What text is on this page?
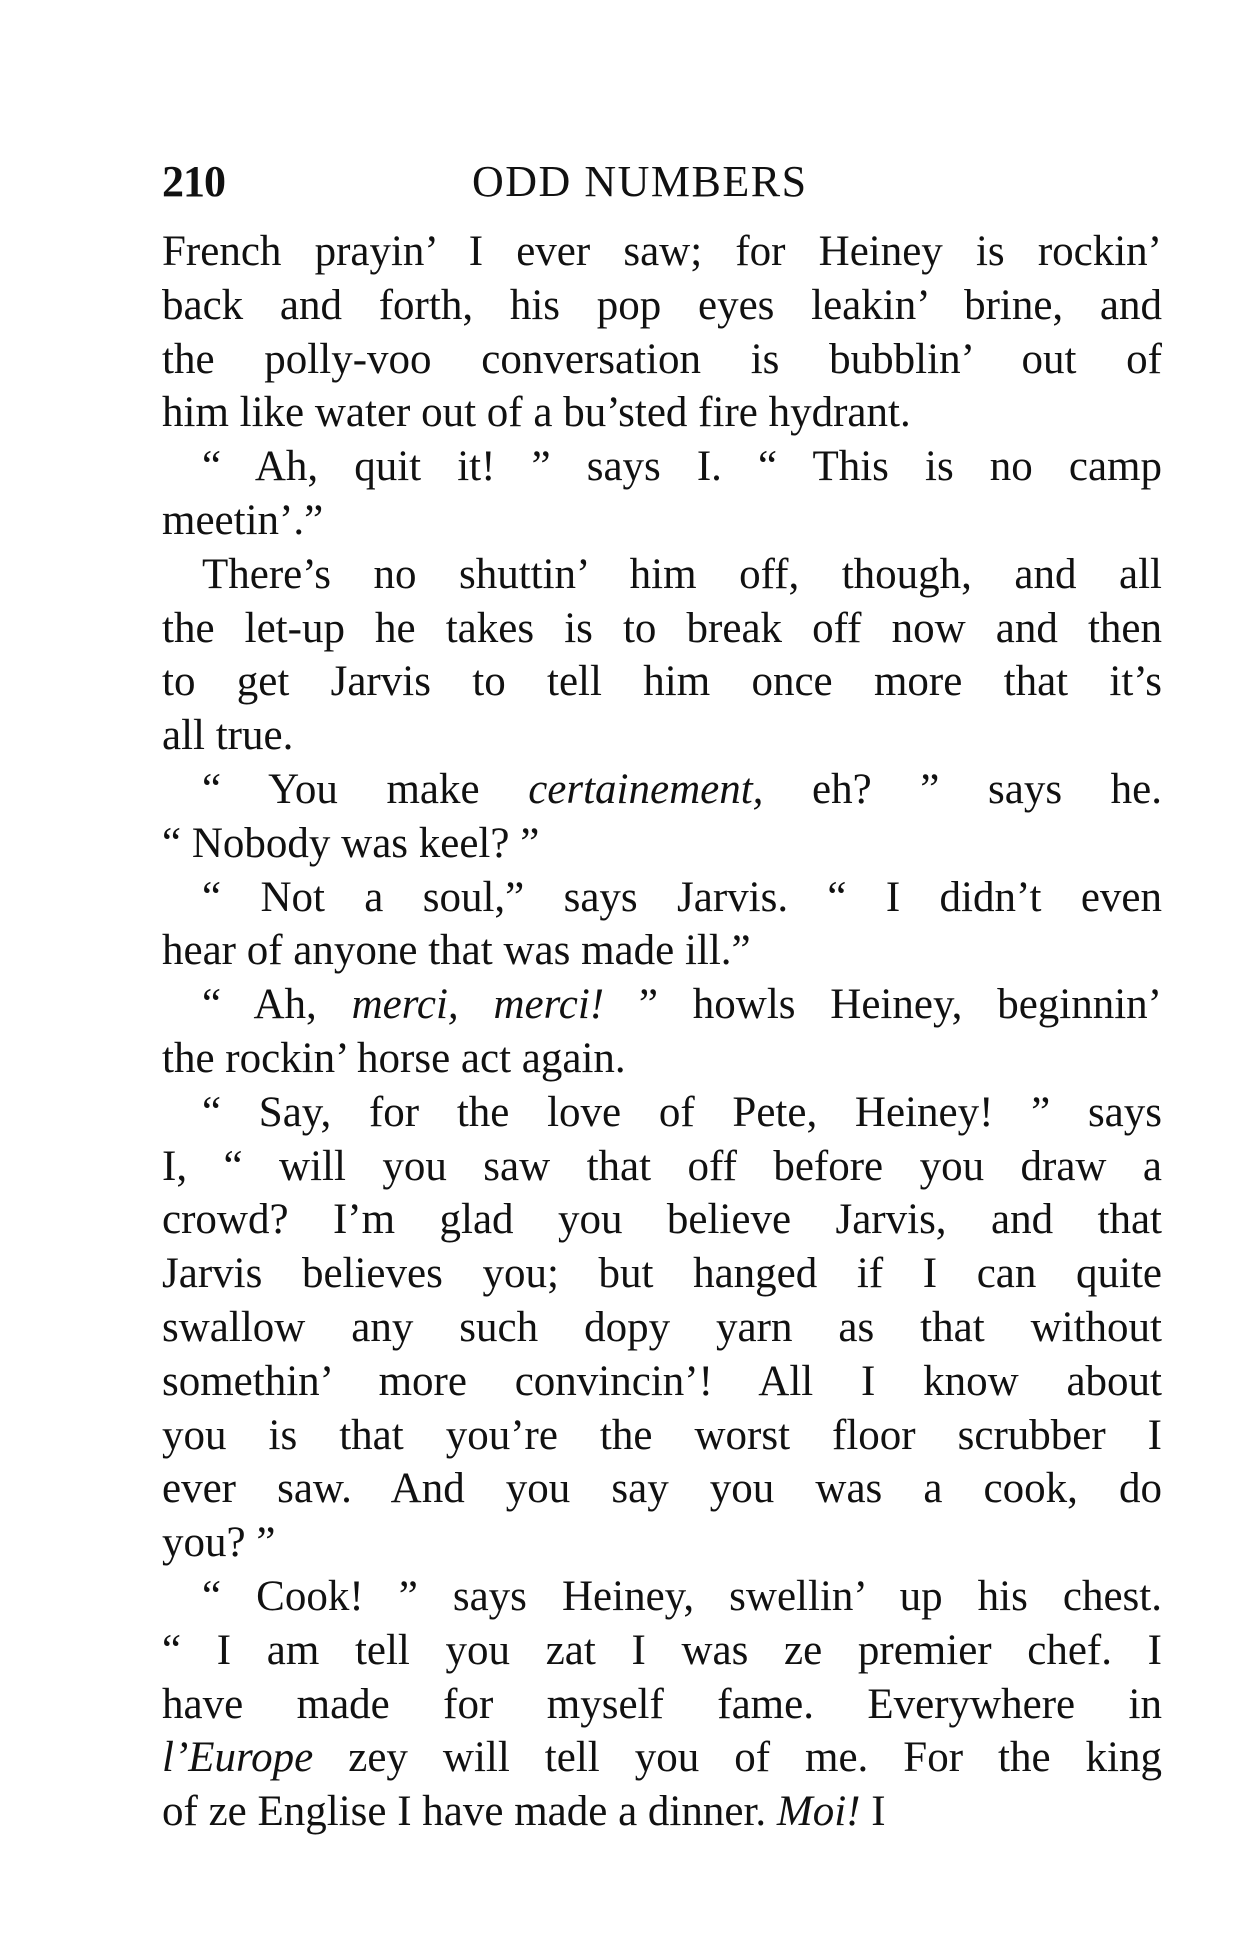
210	ODD NUMBERS
French prayin’ I ever saw; for Heiney is rockin’
back and forth, his pop eyes leakin’ brine, and
the polly-voo conversation is bubblin’ out of
him like water out of a bu’sted fire hydrant.
“ Ah, quit it! ” says I. “ This is no camp
meetin’.”
There’s no shuttin’ him off, though, and all
the let-up he takes is to break off now and then
to get Jarvis to tell him once more that it’s
all true.
“ You make certainement, eh? ” says he.
“ Nobody was keel? ”
“ Not a soul,” says Jarvis. “ I didn’t even
hear of anyone that was made ill.”
“ Ah, merci, merci! ” howls Heiney, beginnin’
the rockin’ horse act again.
“ Say, for the love of Pete, Heiney! ” says
I, “ will you saw that off before you draw a
crowd? I’m glad you believe Jarvis, and that
Jarvis believes you; but hanged if I can quite
swallow any such dopy yarn as that without
somethin’ more convincin’! All I know about
you is that you’re the worst floor scrubber I
ever saw. And you say you was a cook, do
you? ”
“ Cook! ” says Heiney, swellin’ up his chest.
“ I am tell you zat I was ze premier chef. I
have made for myself fame. Everywhere in
l’Europe zey will tell you of me. For the king
of ze Englise I have made a dinner. Moi! I
